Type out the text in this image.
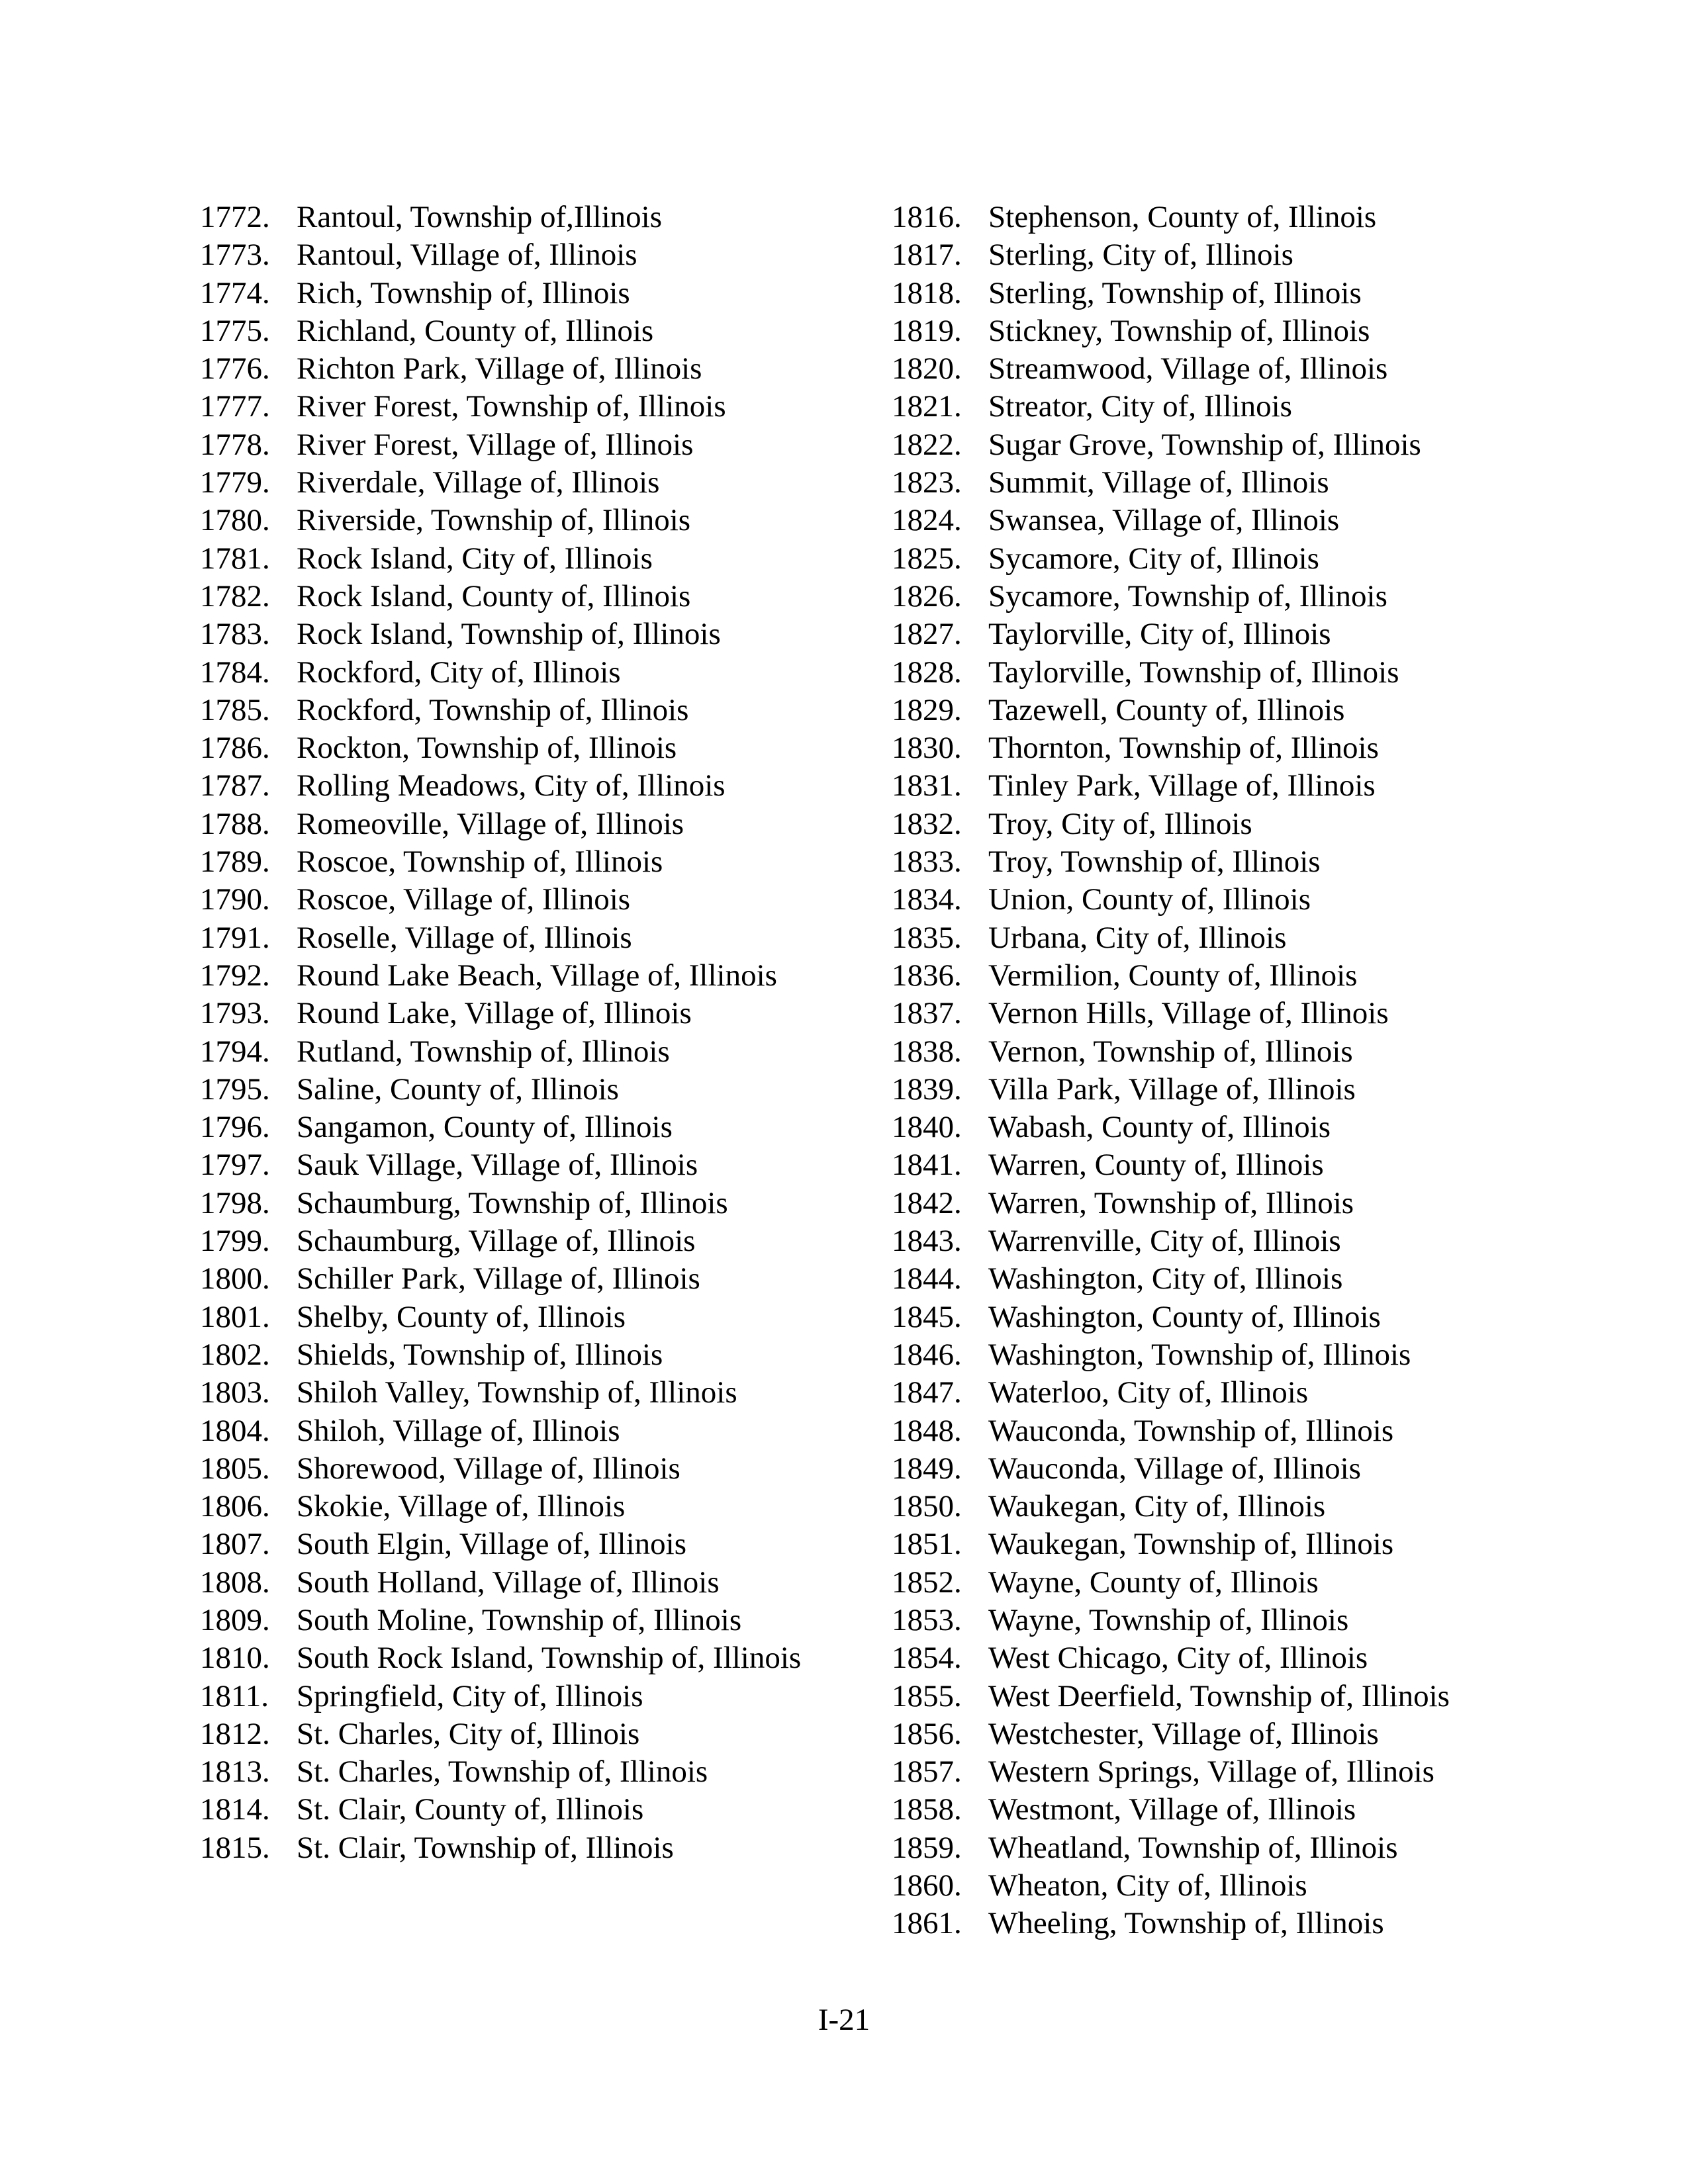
1772. Rantoul, Township of,Illinois
1773. Rantoul, Village of, Illinois
1774. Rich, Township of, Illinois
1775. Richland, County of, Illinois
1776. Richton Park, Village of, Illinois
1777. River Forest, Township of, Illinois
1778. River Forest, Village of, Illinois
1779. Riverdale, Village of, Illinois
1780. Riverside, Township of, Illinois
1781. Rock Island, City of, Illinois
1782. Rock Island, County of, Illinois
1783. Rock Island, Township of, Illinois
1784. Rockford, City of, Illinois
1785. Rockford, Township of, Illinois
1786. Rockton, Township of, Illinois
1787. Rolling Meadows, City of, Illinois
1788. Romeoville, Village of, Illinois
1789. Roscoe, Township of, Illinois
1790. Roscoe, Village of, Illinois
1791. Roselle, Village of, Illinois
1792. Round Lake Beach, Village of, Illinois
1793. Round Lake, Village of, Illinois
1794. Rutland, Township of, Illinois
1795. Saline, County of, Illinois
1796. Sangamon, County of, Illinois
1797. Sauk Village, Village of, Illinois
1798. Schaumburg, Township of, Illinois
1799. Schaumburg, Village of, Illinois
1800. Schiller Park, Village of, Illinois
1801. Shelby, County of, Illinois
1802. Shields, Township of, Illinois
1803. Shiloh Valley, Township of, Illinois
1804. Shiloh, Village of, Illinois
1805. Shorewood, Village of, Illinois
1806. Skokie, Village of, Illinois
1807. South Elgin, Village of, Illinois
1808. South Holland, Village of, Illinois
1809. South Moline, Township of, Illinois
1810. South Rock Island, Township of, Illinois
1811. Springfield, City of, Illinois
1812. St. Charles, City of, Illinois
1813. St. Charles, Township of, Illinois
1814. St. Clair, County of, Illinois
1815. St. Clair, Township of, Illinois
1816. Stephenson, County of, Illinois
1817. Sterling, City of, Illinois
1818. Sterling, Township of, Illinois
1819. Stickney, Township of, Illinois
1820. Streamwood, Village of, Illinois
1821. Streator, City of, Illinois
1822. Sugar Grove, Township of, Illinois
1823. Summit, Village of, Illinois
1824. Swansea, Village of, Illinois
1825. Sycamore, City of, Illinois
1826. Sycamore, Township of, Illinois
1827. Taylorville, City of, Illinois
1828. Taylorville, Township of, Illinois
1829. Tazewell, County of, Illinois
1830. Thornton, Township of, Illinois
1831. Tinley Park, Village of, Illinois
1832. Troy, City of, Illinois
1833. Troy, Township of, Illinois
1834. Union, County of, Illinois
1835. Urbana, City of, Illinois
1836. Vermilion, County of, Illinois
1837. Vernon Hills, Village of, Illinois
1838. Vernon, Township of, Illinois
1839. Villa Park, Village of, Illinois
1840. Wabash, County of, Illinois
1841. Warren, County of, Illinois
1842. Warren, Township of, Illinois
1843. Warrenville, City of, Illinois
1844. Washington, City of, Illinois
1845. Washington, County of, Illinois
1846. Washington, Township of, Illinois
1847. Waterloo, City of, Illinois
1848. Wauconda, Township of, Illinois
1849. Wauconda, Village of, Illinois
1850. Waukegan, City of, Illinois
1851. Waukegan, Township of, Illinois
1852. Wayne, County of, Illinois
1853. Wayne, Township of, Illinois
1854. West Chicago, City of, Illinois
1855. West Deerfield, Township of, Illinois
1856. Westchester, Village of, Illinois
1857. Western Springs, Village of, Illinois
1858. Westmont, Village of, Illinois
1859. Wheatland, Township of, Illinois
1860. Wheaton, City of, Illinois
1861. Wheeling, Township of, Illinois
I-21
